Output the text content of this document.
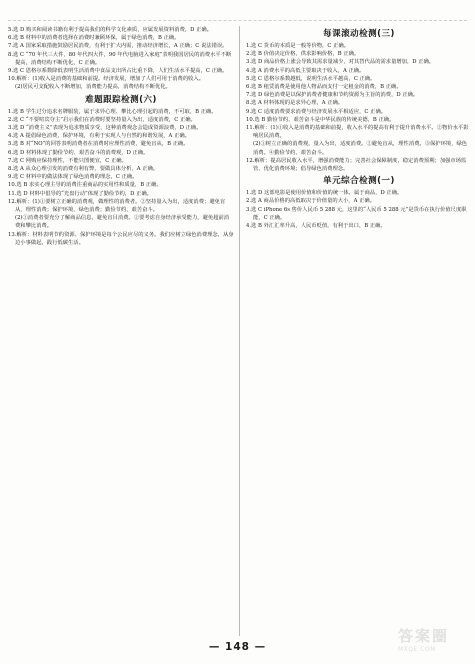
5.选 D 购买和阅读书籍有利于提高我们的科学文化素质，应属发展资料消费，D 正确。

6.选 B 材料中的消费者选择在消费时兼顾环保，属于绿色消费，B 正确。

7.选 A 国家采取措施鼓励居民消费，有利于扩大内需，推动经济增长，A 正确；C 说法错误。

8.选 C “70 年代三大件，80 年代四大件，90 年代电脑进入家庭”表明我国居民的消费水平不断提高，消费结构不断优化，C 正确。

9.选 C 恩格尔系数降低表明生活消费中食品支出所占比重下降，人们生活水平提高，C 正确。

10.解析：(1)收入是消费的基础和前提。经济发展，增加了人们可用于消费的收入。

(2)居民可支配收入不断增加，消费能力提高，消费结构不断优化。

难题跟踪检测(六)

1.选 B 学生过分追求名牌服装，属于求异心理、攀比心理引起的消费，不可取，B 正确。

2.选 C “不要喧宾夺主”启示我们在消费时要坚持量入为出，适度消费，C 正确。

3.选 D “消费主义”表现为追求物质享受，这种消费观念会造成资源浪费，D 正确。

4.选 A 提倡绿色消费，保护环境，有利于实现人与自然的和谐发展，A 正确。

5.选 B 对“NO”的回答表明消费者在消费时应理性消费，避免盲从，B 正确。

6.选 D 材料体现了勤俭节约、艰苦奋斗的消费观，D 正确。

7.选 C 网购应保持理性，不能只图便宜，C 正确。

8.选 A 从众心理引发的消费有利有弊，要做具体分析，A 正确。

9.选 C 材料中的做法体现了绿色消费的理念，C 正确。

10.选 B 求实心理主导的消费注重商品的实用性和质量，B 正确。

11.选 D 材料中倡导的“光盘行动”体现了勤俭节约，D 正确。

12.解析：(1)①要树立正确的消费观，做理性的消费者。②坚持量入为出，适度消费；避免盲从，理性消费；保护环境，绿色消费；勤俭节约，艰苦奋斗。

(2)①消费者要充分了解商品信息，避免盲目消费。②要考虑自身经济承受能力，避免超前消费和攀比消费。

13.解析：材料表明节约资源、保护环境是每个公民应尽的义务。我们应树立绿色消费理念，从身边小事做起，践行低碳生活。

每课滚动检测(三)

1.选 C 货币的本质是一般等价物，C 正确。

2.选 B 价值决定价格，供求影响价格，B 正确。

3.选 D 商品价格上涨会导致其需求量减少，对其替代品的需求量增加，D 正确。

4.选 A 消费水平的高低主要取决于收入，A 正确。

5.选 C 恩格尔系数越低，说明生活水平越高，C 正确。

6.选 B 租赁消费是使用他人物品而支付一定租金的消费，B 正确。

7.选 D 绿色消费是以保护消费者健康和节约资源为主旨的消费，D 正确。

8.选 A 材料体现的是求异心理，A 正确。

9.选 C 适度消费要求消费与经济发展水平相适应，C 正确。

10.选 B 勤俭节约、艰苦奋斗是中华民族的传统美德，B 正确。

11.解析：(1)①收入是消费的基础和前提，收入水平的提高有利于提升消费水平。②物价水平影响居民消费。

(2)①树立正确的消费观，量入为出，适度消费。②避免盲从，理性消费。③保护环境，绿色消费。④勤俭节约，艰苦奋斗。

12.解析：提高居民收入水平，增强消费能力；完善社会保障制度，稳定消费预期；加强市场监管，优化消费环境；倡导绿色消费理念。

单元综合检测(一)

1.选 D 这部电影是使用价值和价值的统一体，属于商品，D 正确。

2.选 A 商品价格的高低取决于价值量的大小，A 正确。

3.选 C iPhone 6s 售价人民币 5 288 元，这里的“人民币 5 288 元”是货币在执行价值尺度职能，C 正确。

4.选 B 外汇汇率升高，人民币贬值，有利于出口，B 正确。

— 148 —
答案圈
MXQE.COM
